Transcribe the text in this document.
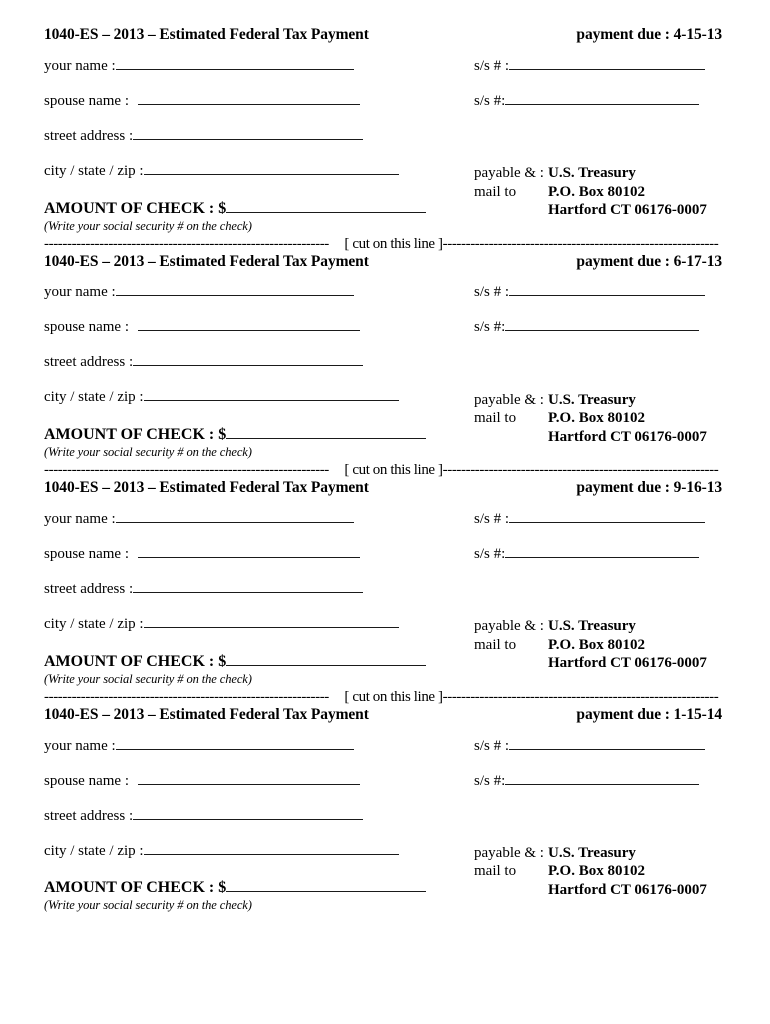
1040-ES – 2013 – Estimated Federal Tax Payment	payment due : 4-15-13
your name :	s/s # :
spouse name :	s/s #:
street address :
city / state / zip :
AMOUNT OF CHECK : $
(Write your social security # on the check)
payable & : U.S. Treasury
mail to	P.O. Box 80102
Hartford CT 06176-0007
--------------------------------------------------------------	[ cut on this line ] ------------------------------------------------------------
1040-ES – 2013 – Estimated Federal Tax Payment	payment due : 6-17-13
your name :	s/s # :
spouse name :	s/s #:
street address :
city / state / zip :
AMOUNT OF CHECK : $
(Write your social security # on the check)
payable & : U.S. Treasury
mail to	P.O. Box 80102
Hartford CT 06176-0007
--------------------------------------------------------------	[ cut on this line ] ------------------------------------------------------------
1040-ES – 2013 – Estimated Federal Tax Payment	payment due : 9-16-13
your name :	s/s # :
spouse name :	s/s #:
street address :
city / state / zip :
AMOUNT OF CHECK : $
(Write your social security # on the check)
payable & : U.S. Treasury
mail to	P.O. Box 80102
Hartford CT 06176-0007
--------------------------------------------------------------	[ cut on this line ] ------------------------------------------------------------
1040-ES – 2013 – Estimated Federal Tax Payment	payment due : 1-15-14
your name :	s/s # :
spouse name :	s/s #:
street address :
city / state / zip :
AMOUNT OF CHECK : $
(Write your social security # on the check)
payable & : U.S. Treasury
mail to	P.O. Box 80102
Hartford CT 06176-0007
